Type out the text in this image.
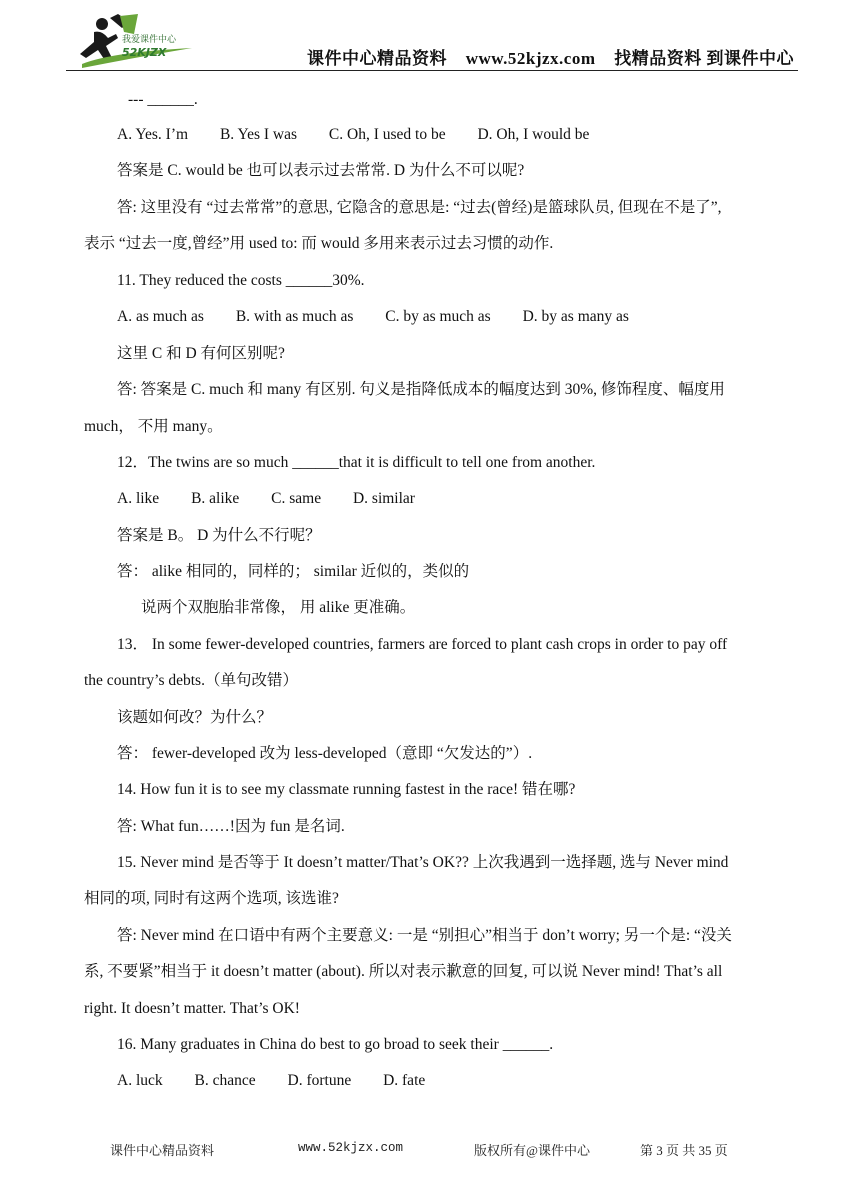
我爱课件中心
52KJZX	课件中心精品资料 www.52kjzx.com 找精品资料 到课件中心
--- ______.
A. Yes. I’m B. Yes I was C. Oh, I used to be D. Oh, I would be
答案是 C. would be 也可以表示过去常常. D 为什么不可以呢?
答: 这里没有 “过去常常”的意思, 它隐含的意思是: “过去(曾经)是篮球队员, 但现在不是了”,
表示 “过去一度,曾经”用 used to: 而 would 多用来表示过去习惯的动作.
11. They reduced the costs ______30%.
A. as much as B. with as much as C. by as much as D. by as many as
这里 C 和 D 有何区别呢?
答: 答案是 C. much 和 many 有区别. 句义是指降低成本的幅度达到 30%, 修饰程度、幅度用
much， 不用 many。
12．The twins are so much ______that it is difficult to tell one from another.
A. like B. alike C. same D. similar
答案是 B。 D 为什么不行呢？
答： alike 相同的，同样的； similar 近似的，类似的
说两个双胞胎非常像， 用 alike 更准确。
13． In some fewer-developed countries, farmers are forced to plant cash crops in order to pay off
the country’s debts.（单句改错）
该题如何改？为什么？
答： fewer-developed 改为 less-developed（意即 “欠发达的”）.
14. How fun it is to see my classmate running fastest in the race! 错在哪?
答: What fun……!因为 fun 是名词.
15. Never mind 是否等于 It doesn’t matter/That’s OK?? 上次我遇到一选择题, 选与 Never mind
相同的项, 同时有这两个选项, 该选谁?
答: Never mind 在口语中有两个主要意义: 一是 “别担心”相当于 don’t worry; 另一个是: “没关
系, 不要紧”相当于 it doesn’t matter (about). 所以对表示歉意的回复, 可以说 Never mind! That’s all
right. It doesn’t matter. That’s OK!
16. Many graduates in China do best to go broad to seek their ______.
A. luck B. chance D. fortune D. fate
课件中心精品资料	www.52kjzx.com	版权所有@课件中心	第 3 页 共 35 页
